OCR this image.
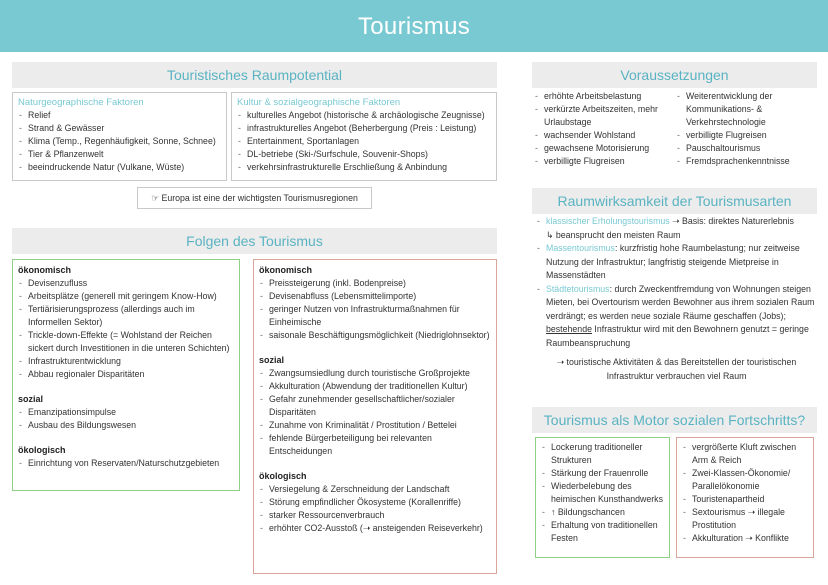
Tourismus
Touristisches Raumpotential
Naturgeographische Faktoren
- Relief
- Strand & Gewässer
- Klima (Temp., Regenhäufigkeit, Sonne, Schnee)
- Tier & Pflanzenwelt
- beeindruckende Natur (Vulkane, Wüste)
Kultur & sozialgeographische Faktoren
- kulturelles Angebot (historische & archäologische Zeugnisse)
- infrastrukturelles Angebot (Beherbergung (Preis : Leistung)
- Entertainment, Sportanlagen
- DL-betriebe (Ski-/Surfschule, Souvenir-Shops)
- verkehrsinfrastrukturelle Erschließung & Anbindung
☞ Europa ist eine der wichtigsten Tourismusregionen
Folgen des Tourismus
ökonomisch
- Devisenzufluss
- Arbeitsplätze (generell mit geringem Know-How)
- Tertiärisierungsprozess (allerdings auch im Informellen Sektor)
- Trickle-down-Effekte (= Wohlstand der Reichen sickert durch Investitionen in die unteren Schichten)
- Infrastrukturentwicklung
- Abbau regionaler Disparitäten
sozial
- Emanzipationsimpulse
- Ausbau des Bildungswesen
ökologisch
- Einrichtung von Reservaten/Naturschutzgebieten
ökonomisch
- Preissteigerung (inkl. Bodenpreise)
- Devisenabfluss (Lebensmittelimporte)
- geringer Nutzen von Infrastrukturmaßnahmen für Einheimische
- saisonale Beschäftigungsmöglichkeit (Niedriglohnsektor)
sozial
- Zwangsumsiedlung durch touristische Großprojekte
- Akkulturation (Abwendung der traditionellen Kultur)
- Gefahr zunehmender gesellschaftlicher/sozialer Disparitäten
- Zunahme von Kriminalität / Prostitution / Bettelei
- fehlende Bürgerbeteiligung bei relevanten Entscheidungen
ökologisch
- Versiegelung & Zerschneidung der Landschaft
- Störung empfindlicher Ökosysteme (Korallenriffe)
- starker Ressourcenverbrauch
- erhöhter CO2-Ausstoß (➝ ansteigenden Reiseverkehr)
Voraussetzungen
- erhöhte Arbeitsbelastung
- verkürzte Arbeitszeiten, mehr Urlaubstage
- wachsender Wohlstand
- gewachsene Motorisierung
- verbilligte Flugreisen
- Weiterentwicklung der Kommunikations- & Verkehrstechnologie
- verbilligte Flugreisen
- Pauschaltourismus
- Fremdsprachenkenntnisse
Raumwirksamkeit der Tourismusarten
- klassischer Erholungstourismus ➝ Basis: direktes Naturerlebnis
↳ beansprucht den meisten Raum
- Massentourismus: kurzfristig hohe Raumbelastung; nur zeitweise Nutzung der Infrastruktur; langfristig steigende Mietpreise in Massenstädten
- Städtetourismus: durch Zweckentfremdung von Wohnungen steigen Mieten, bei Overtourism werden Bewohner aus ihrem sozialen Raum verdrängt; es werden neue soziale Räume geschaffen (Jobs); bestehende Infrastruktur wird mit den Bewohnern genutzt = geringe Raumbeanspruchung
➝ touristische Aktivitäten & das Bereitstellen der touristischen Infrastruktur verbrauchen viel Raum
Tourismus als Motor sozialen Fortschritts?
- Lockerung traditioneller Strukturen
- Stärkung der Frauenrolle
- Wiederbelebung des heimischen Kunsthandwerks
- ↑ Bildungschancen
- Erhaltung von traditionellen Festen
- vergrößerte Kluft zwischen Arm & Reich
- Zwei-Klassen-Ökonomie/ Parallelökonomie
- Touristenapartheid
- Sextourismus ➝ illegale Prostitution
- Akkulturation ➝ Konflikte
